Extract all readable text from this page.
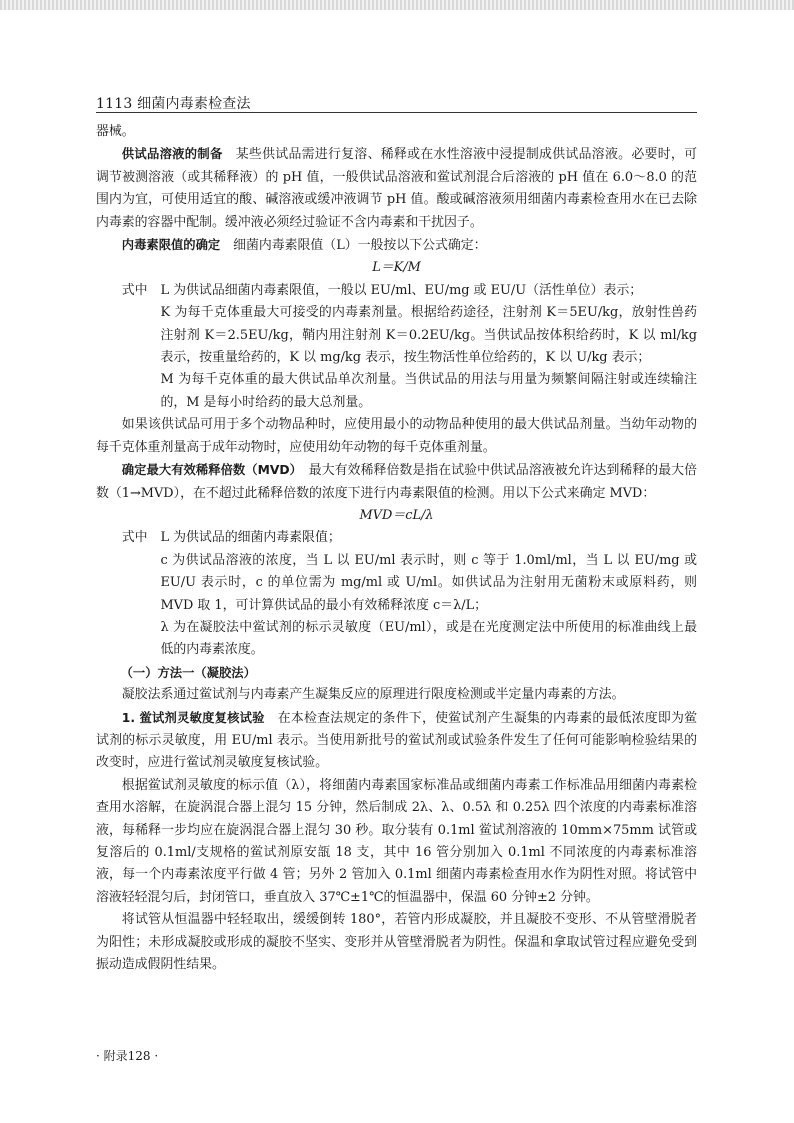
1113 细菌内毒素检查法

器械。

供试品溶液的制备　 某些供试品需进行复溶、稀释或在水性溶液中浸提制成供试品溶液。必要时，可调节被测溶液（或其稀释液）的 pH 值，一般供试品溶液和鲎试剂混合后溶液的 pH 值在 6.0～8.0 的范围内为宜，可使用适宜的酸、碱溶液或缓冲液调节 pH 值。酸或碱溶液须用细菌内毒素检查用水在已去除内毒素的容器中配制。缓冲液必须经过验证不含内毒素和干扰因子。

内毒素限值的确定　 细菌内毒素限值（L）一般按以下公式确定：

L＝K/M

式中	L 为供试品细菌内毒素限值，一般以 EU/ml、EU/mg 或 EU/U（活性单位）表示；

K 为每千克体重最大可接受的内毒素剂量。根据给药途径，注射剂 K＝5EU/kg，放射性兽药注射剂 K＝2.5EU/kg，鞘内用注射剂 K＝0.2EU/kg。当供试品按体积给药时，K 以 ml/kg 表示，按重量给药的，K 以 mg/kg 表示，按生物活性单位给药的，K 以 U/kg 表示；

M 为每千克体重的最大供试品单次剂量。当供试品的用法与用量为频繁间隔注射或连续输注的，M 是每小时给药的最大总剂量。

如果该供试品可用于多个动物品种时，应使用最小的动物品种使用的最大供试品剂量。当幼年动物的每千克体重剂量高于成年动物时，应使用幼年动物的每千克体重剂量。

确定最大有效稀释倍数（MVD）　 最大有效稀释倍数是指在试验中供试品溶液被允许达到稀释的最大倍数（1→MVD），在不超过此稀释倍数的浓度下进行内毒素限值的检测。用以下公式来确定 MVD：

MVD＝cL/λ

式中	L 为供试品的细菌内毒素限值；

c 为供试品溶液的浓度，当 L 以 EU/ml 表示时，则 c 等于 1.0ml/ml，当 L 以 EU/mg 或 EU/U 表示时，c 的单位需为 mg/ml 或 U/ml。如供试品为注射用无菌粉末或原料药，则 MVD 取 1，可计算供试品的最小有效稀释浓度 c＝λ/L；

λ 为在凝胶法中鲎试剂的标示灵敏度（EU/ml），或是在光度测定法中所使用的标准曲线上最低的内毒素浓度。

（一）方法一（凝胶法）

凝胶法系通过鲎试剂与内毒素产生凝集反应的原理进行限度检测或半定量内毒素的方法。

1. 鲎试剂灵敏度复核试验　 在本检查法规定的条件下，使鲎试剂产生凝集的内毒素的最低浓度即为鲎试剂的标示灵敏度，用 EU/ml 表示。当使用新批号的鲎试剂或试验条件发生了任何可能影响检验结果的改变时，应进行鲎试剂灵敏度复核试验。

根据鲎试剂灵敏度的标示值（λ），将细菌内毒素国家标准品或细菌内毒素工作标准品用细菌内毒素检查用水溶解，在旋涡混合器上混匀 15 分钟，然后制成 2λ、λ、0.5λ 和 0.25λ 四个浓度的内毒素标准溶液，每稀释一步均应在旋涡混合器上混匀 30 秒。取分装有 0.1ml 鲎试剂溶液的 10mm×75mm 试管或复溶后的 0.1ml/支规格的鲎试剂原安瓿 18 支，其中 16 管分别加入 0.1ml 不同浓度的内毒素标准溶液，每一个内毒素浓度平行做 4 管；另外 2 管加入 0.1ml 细菌内毒素检查用水作为阴性对照。将试管中溶液轻轻混匀后，封闭管口，垂直放入 37℃±1℃的恒温器中，保温 60 分钟±2 分钟。

将试管从恒温器中轻轻取出，缓缓倒转 180°，若管内形成凝胶，并且凝胶不变形、不从管壁滑脱者为阳性；未形成凝胶或形成的凝胶不坚实、变形并从管壁滑脱者为阴性。保温和拿取试管过程应避免受到振动造成假阴性结果。

· 附录128 ·
